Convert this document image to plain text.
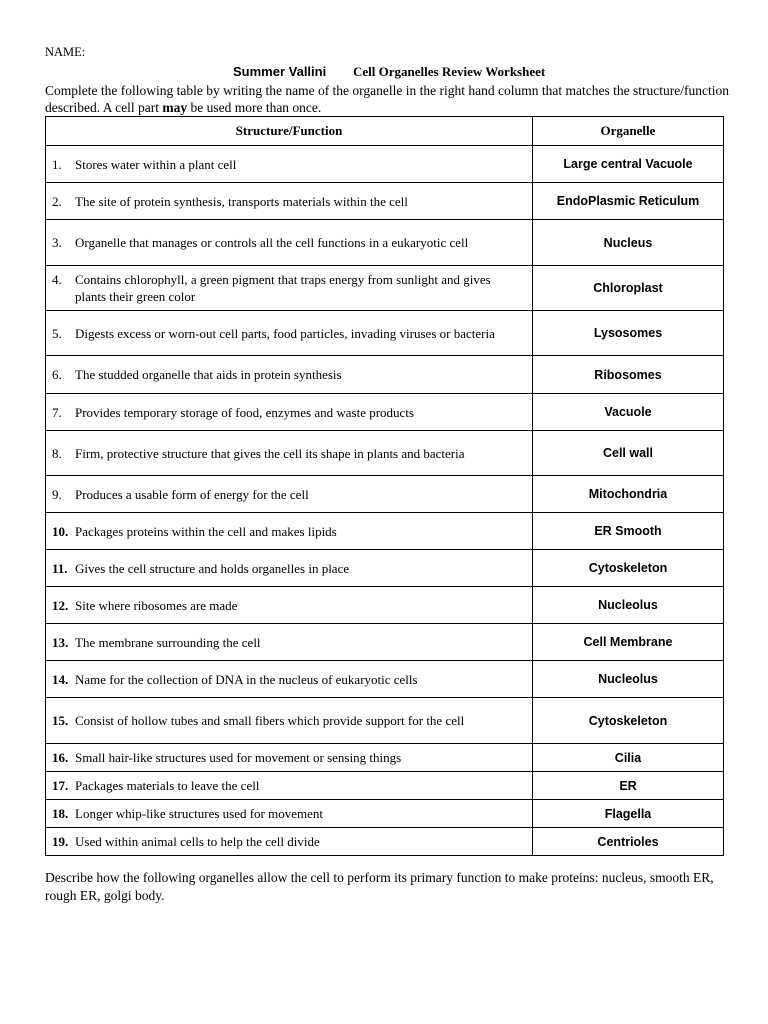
NAME:
Summer Vallini Cell Organelles Review Worksheet
Complete the following table by writing the name of the organelle in the right hand column that matches the structure/function described. A cell part may be used more than once.
Structure/Function	Organelle

1. Stores water within a plant cell	Large central Vacuole

2. The site of protein synthesis, transports materials within the cell	EndoPlasmic Reticulum

3. Organelle that manages or controls all the cell functions in a eukaryotic cell	Nucleus

4. Contains chlorophyll, a green pigment that traps energy from sunlight and gives plants their green color	Chloroplast

5. Digests excess or worn-out cell parts, food particles, invading viruses or bacteria	Lysosomes

6. The studded organelle that aids in protein synthesis	Ribosomes

7. Provides temporary storage of food, enzymes and waste products	Vacuole

8. Firm, protective structure that gives the cell its shape in plants and bacteria	Cell wall

9. Produces a usable form of energy for the cell	Mitochondria

10. Packages proteins within the cell and makes lipids	ER Smooth

11. Gives the cell structure and holds organelles in place	Cytoskeleton

12. Site where ribosomes are made	Nucleolus

13. The membrane surrounding the cell	Cell Membrane

14. Name for the collection of DNA in the nucleus of eukaryotic cells	Nucleolus

15. Consist of hollow tubes and small fibers which provide support for the cell	Cytoskeleton

16. Small hair-like structures used for movement or sensing things	Cilia

17. Packages materials to leave the cell	ER

18. Longer whip-like structures used for movement	Flagella

19. Used within animal cells to help the cell divide	Centrioles
Describe how the following organelles allow the cell to perform its primary function to make proteins: nucleus, smooth ER, rough ER, golgi body.
